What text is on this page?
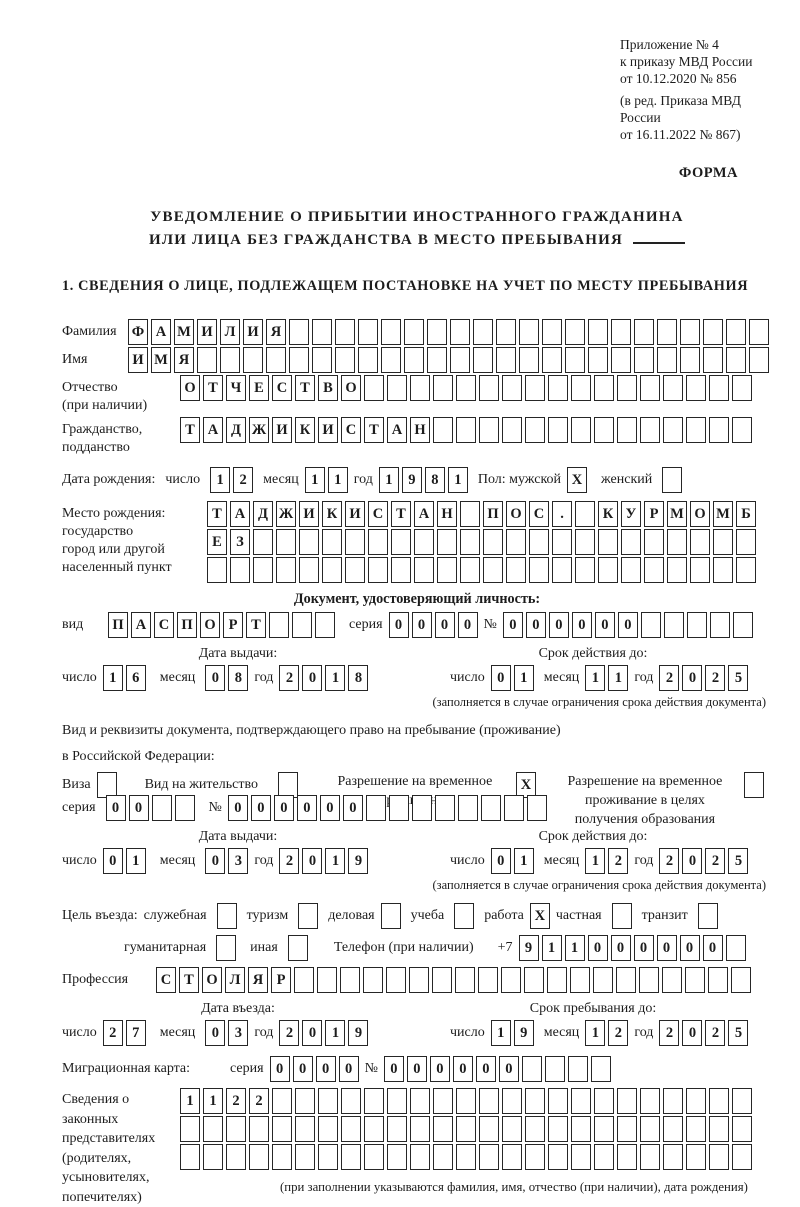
Приложение № 4
к приказу МВД России
от 10.12.2020 № 856
(в ред. Приказа МВД России
от 16.11.2022 № 867)
ФОРМА
УВЕДОМЛЕНИЕ О ПРИБЫТИИ ИНОСТРАННОГО ГРАЖДАНИНА
ИЛИ ЛИЦА БЕЗ ГРАЖДАНСТВА В МЕСТО ПРЕБЫВАНИЯ
1. СВЕДЕНИЯ О ЛИЦЕ, ПОДЛЕЖАЩЕМ ПОСТАНОВКЕ НА УЧЕТ ПО МЕСТУ ПРЕБЫВАНИЯ
Фамилия	Ф А М И Л И Я
Имя	И М Я
Отчество
(при наличии)
О Т Ч Е С Т В О
Гражданство,
подданство
Т А Д Ж И К И С Т А Н
Дата рождения: число	1	2	месяц 1	1 год 1	9	8	1	Пол: мужской X	женский
Место рождения:
государство
город или другой
населенный пункт
Т А Д Ж И К И С Т А Н	П О С	.	К У Р М О М Б
Е З
Документ, удостоверяющий личность:
вид	П А С П О Р Т	серия 0	0	0	0 № 0	0	0	0	0	0
Дата выдачи:
число 1	6	месяц	0	8 год 2	0	1	8
Срок действия до:
число 0	1	месяц 1	1 год 2	0	2	5
(заполняется в случае ограничения срока действия документа)
Вид и реквизиты документа, подтверждающего право на пребывание (проживание)
в Российской Федерации:
Виза	Вид на жительство	Разрешение на временное	X	Разрешение на временное
проживание в целях
получения образования
серия	0	0	№ 0	0	0	0	0	0
Дата выдачи:
число 0	1	месяц	0	3 год 2	0	1	9
Срок действия до:
число 0	1	месяц 1	2 год 2	0	2	5
(заполняется в случае ограничения срока действия документа)
Цель въезда: служебная	туризм	деловая	учеба	работа X частная	транзит
гуманитарная	иная	Телефон (при наличии) +7 9	1	1	0	0	0	0	0	0
Профессия	С Т О Л Я Р
Дата въезда:
число 2	7	месяц	0	3 год 2	0	1	9
Срок пребывания до:
число 1	9	месяц 1	2 год 2	0	2	5
Миграционная карта:	серия 0	0	0	0 № 0	0	0	0	0	0
Сведения о
законных
представителях
(родителях,
усыновителях,
попечителях)
1	1	2	2
(при заполнении указываются фамилия, имя, отчество (при наличии), дата рождения)
